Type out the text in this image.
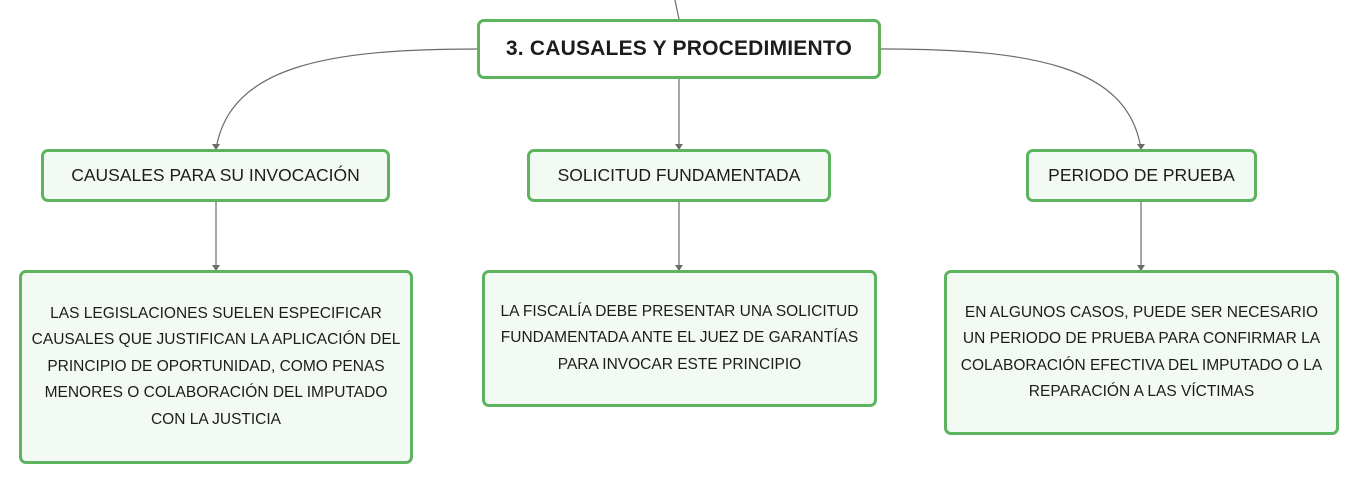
3. CAUSALES Y PROCEDIMIENTO
CAUSALES PARA SU INVOCACIÓN	SOLICITUD FUNDAMENTADA	PERIODO DE PRUEBA
LAS LEGISLACIONES SUELEN ESPECIFICAR CAUSALES QUE JUSTIFICAN LA APLICACIÓN DEL PRINCIPIO DE OPORTUNIDAD, COMO PENAS MENORES O COLABORACIÓN DEL IMPUTADO CON LA JUSTICIA
LA FISCALÍA DEBE PRESENTAR UNA SOLICITUD FUNDAMENTADA ANTE EL JUEZ DE GARANTÍAS PARA INVOCAR ESTE PRINCIPIO
EN ALGUNOS CASOS, PUEDE SER NECESARIO UN PERIODO DE PRUEBA PARA CONFIRMAR LA COLABORACIÓN EFECTIVA DEL IMPUTADO O LA REPARACIÓN A LAS VÍCTIMAS
